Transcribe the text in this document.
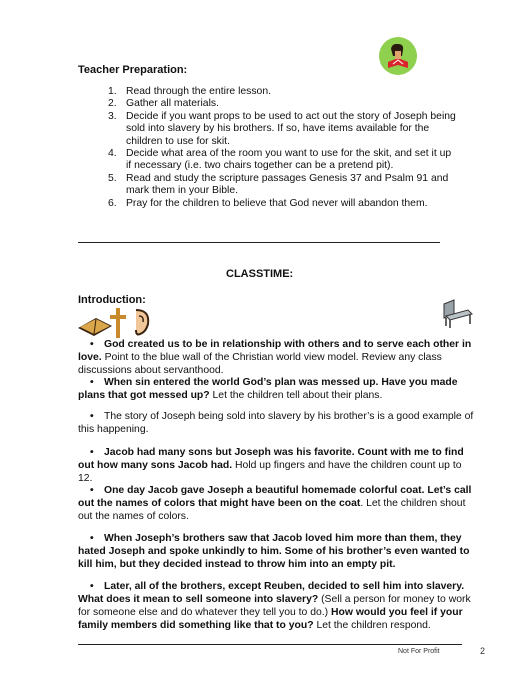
Teacher Preparation:
1. Read through the entire lesson.
2. Gather all materials.
3. Decide if you want props to be used to act out the story of Joseph being sold into slavery by his brothers. If so, have items available for the children to use for skit.
4. Decide what area of the room you want to use for the skit, and set it up if necessary (i.e. two chairs together can be a pretend pit).
5. Read and study the scripture passages Genesis 37 and Psalm 91 and mark them in your Bible.
6. Pray for the children to believe that God never will abandon them.
CLASSTIME:
Introduction:
• God created us to be in relationship with others and to serve each other in love. Point to the blue wall of the Christian world view model. Review any class discussions about servanthood.
• When sin entered the world God’s plan was messed up. Have you made plans that got messed up? Let the children tell about their plans.
• The story of Joseph being sold into slavery by his brother’s is a good example of this happening.
• Jacob had many sons but Joseph was his favorite. Count with me to find out how many sons Jacob had. Hold up fingers and have the children count up to 12.
• One day Jacob gave Joseph a beautiful homemade colorful coat. Let’s call out the names of colors that might have been on the coat. Let the children shout out the names of colors.
• When Joseph’s brothers saw that Jacob loved him more than them, they hated Joseph and spoke unkindly to him. Some of his brother’s even wanted to kill him, but they decided instead to throw him into an empty pit.
• Later, all of the brothers, except Reuben, decided to sell him into slavery. What does it mean to sell someone into slavery? (Sell a person for money to work for someone else and do whatever they tell you to do.) How would you feel if your family members did something like that to you? Let the children respond.
Not For Profit	2
